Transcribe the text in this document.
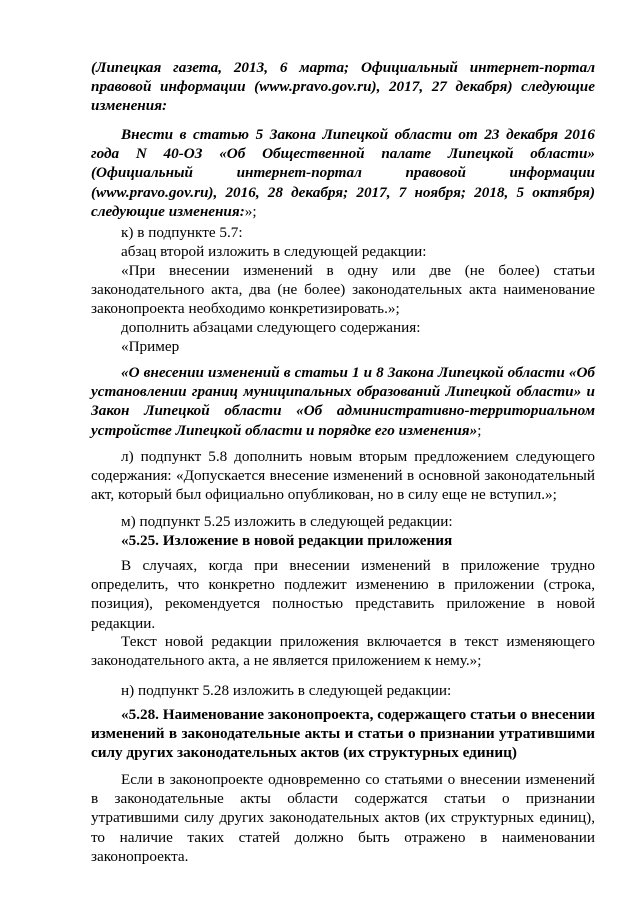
(Липецкая газета, 2013, 6 марта; Официальный интернет-портал правовой информации (www.pravo.gov.ru), 2017, 27 декабря) следующие изменения:

Внести в статью 5 Закона Липецкой области от 23 декабря 2016 года N 40-ОЗ «Об Общественной палате Липецкой области» (Официальный интернет-портал правовой информации (www.pravo.gov.ru), 2016, 28 декабря; 2017, 7 ноября; 2018, 5 октября) следующие изменения:»;

к) в подпункте 5.7:

абзац второй изложить в следующей редакции:

«При внесении изменений в одну или две (не более) статьи законодательного акта, два (не более) законодательных акта наименование законопроекта необходимо конкретизировать.»;

дополнить абзацами следующего содержания:

«Пример

«О внесении изменений в статьи 1 и 8 Закона Липецкой области «Об установлении границ муниципальных образований Липецкой области» и Закон Липецкой области «Об административно-территориальном устройстве Липецкой области и порядке его изменения»;

л) подпункт 5.8 дополнить новым вторым предложением следующего содержания: «Допускается внесение изменений в основной законодательный акт, который был официально опубликован, но в силу еще не вступил.»;

м) подпункт 5.25 изложить в следующей редакции:

«5.25. Изложение в новой редакции приложения

В случаях, когда при внесении изменений в приложение трудно определить, что конкретно подлежит изменению в приложении (строка, позиция), рекомендуется полностью представить приложение в новой редакции.

Текст новой редакции приложения включается в текст изменяющего законодательного акта, а не является приложением к нему.»;

н) подпункт 5.28 изложить в следующей редакции:

«5.28. Наименование законопроекта, содержащего статьи о внесении изменений в законодательные акты и статьи о признании утратившими силу других законодательных актов (их структурных единиц)

Если в законопроекте одновременно со статьями о внесении изменений в законодательные акты области содержатся статьи о признании утратившими силу других законодательных актов (их структурных единиц), то наличие таких статей должно быть отражено в наименовании законопроекта.
